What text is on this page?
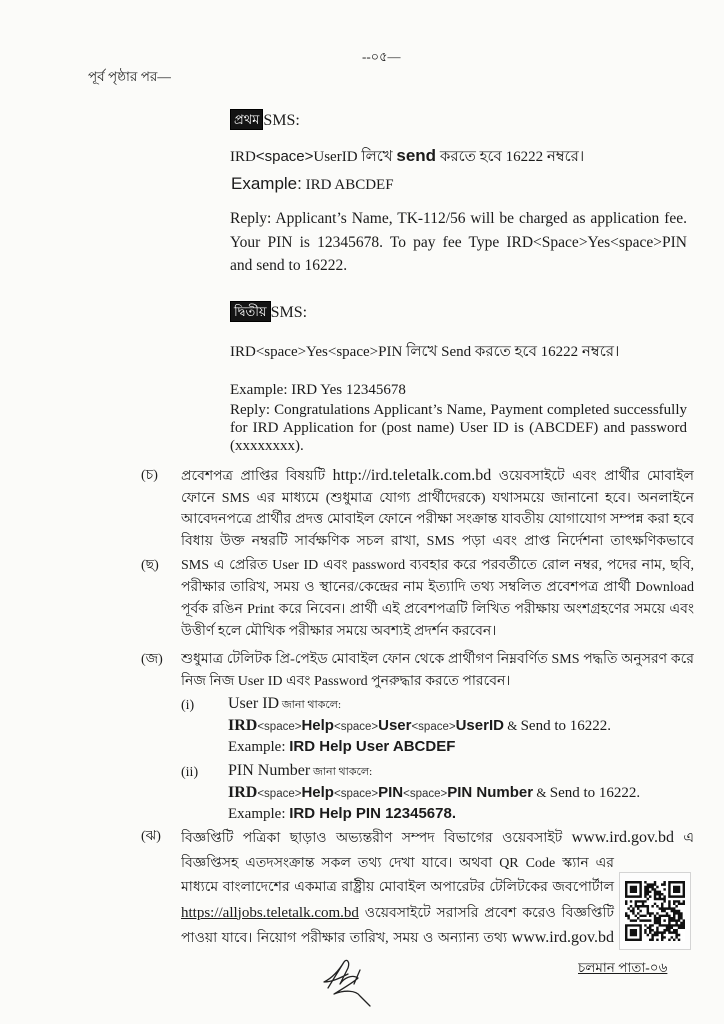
--০৫—
পূর্ব পৃষ্ঠার পর—
প্রথম SMS:
IRD<space>UserID লিখে send করতে হবে 16222 নম্বরে।
Example: IRD ABCDEF
Reply: Applicant’s Name, TK-112/56 will be charged as application fee. Your PIN is 12345678. To pay fee Type IRD<Space>Yes<space>PIN and send to 16222.
দ্বিতীয় SMS:
IRD<space>Yes<space>PIN লিখে Send করতে হবে 16222 নম্বরে।
Example: IRD Yes 12345678
Reply: Congratulations Applicant’s Name, Payment completed successfully for IRD Application for (post name) User ID is (ABCDEF) and password (xxxxxxxx).
(চ)	প্রবেশপত্র প্রাপ্তির বিষয়টি http://ird.teletalk.com.bd ওয়েবসাইটে এবং প্রার্থীর মোবাইল ফোনে SMS এর মাধ্যমে (শুধুমাত্র যোগ্য প্রার্থীদেরকে) যথাসময়ে জানানো হবে। অনলাইনে আবেদনপত্রে প্রার্থীর প্রদত্ত মোবাইল ফোনে পরীক্ষা সংক্রান্ত যাবতীয় যোগাযোগ সম্পন্ন করা হবে বিধায় উক্ত নম্বরটি সার্বক্ষণিক সচল রাখা, SMS পড়া এবং প্রাপ্ত নির্দেশনা তাৎক্ষণিকভাবে
(ছ)	SMS এ প্রেরিত User ID এবং password ব্যবহার করে পরবর্তীতে রোল নম্বর, পদের নাম, ছবি, পরীক্ষার তারিখ, সময় ও স্থানের/কেন্দ্রের নাম ইত্যাদি তথ্য সম্বলিত প্রবেশপত্র প্রার্থী Download পূর্বক রঙিন Print করে নিবেন। প্রার্থী এই প্রবেশপত্রটি লিখিত পরীক্ষায় অংশগ্রহণের সময়ে এবং উত্তীর্ণ হলে মৌখিক পরীক্ষার সময়ে অবশ্যই প্রদর্শন করবেন।
(জ)	শুধুমাত্র টেলিটক প্রি-পেইড মোবাইল ফোন থেকে প্রার্থীগণ নিম্নবর্ণিত SMS পদ্ধতি অনুসরণ করে নিজ নিজ User ID এবং Password পুনরুদ্ধার করতে পারবেন।
(i)	User ID জানা থাকলে:
IRD<space>Help<space>User<space>UserID & Send to 16222.
Example: IRD Help User ABCDEF
(ii)	PIN Number জানা থাকলে:
IRD<space>Help<space>PIN<space>PIN Number & Send to 16222.
Example: IRD Help PIN 12345678.
(ঝ)	বিজ্ঞপ্তিটি পত্রিকা ছাড়াও অভ্যন্তরীণ সম্পদ বিভাগের ওয়েবসাইট www.ird.gov.bd এ বিজ্ঞপ্তিসহ এতদসংক্রান্ত সকল তথ্য দেখা যাবে। অথবা QR Code স্ক্যান এর মাধ্যমে বাংলাদেশের একমাত্র রাষ্ট্রীয় মোবাইল অপারেটর টেলিটকের জবপোর্টাল https://alljobs.teletalk.com.bd ওয়েবসাইটে সরাসরি প্রবেশ করেও বিজ্ঞপ্তিটি পাওয়া যাবে। নিয়োগ পরীক্ষার তারিখ, সময় ও অন্যান্য তথ্য www.ird.gov.bd
চলমান পাতা-০৬
